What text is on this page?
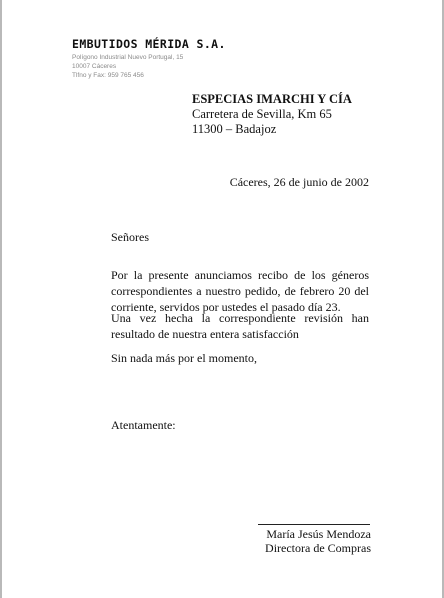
EMBUTIDOS MÉRIDA S.A.
Polígono Industrial Nuevo Portugal, 15
10007 Cáceres
Tlfno y Fax: 959 765 456
ESPECIAS IMARCHI Y CÍA
Carretera de Sevilla, Km 65
11300 – Badajoz
Cáceres, 26 de junio de 2002
Señores
Por la presente anunciamos recibo de los géneros correspondientes a nuestro pedido, de febrero 20 del corriente, servidos por ustedes el pasado día 23.
Una vez hecha la correspondiente revisión han resultado de nuestra entera satisfacción
Sin nada más por el momento,
Atentamente:
María Jesús Mendoza
Directora de Compras
